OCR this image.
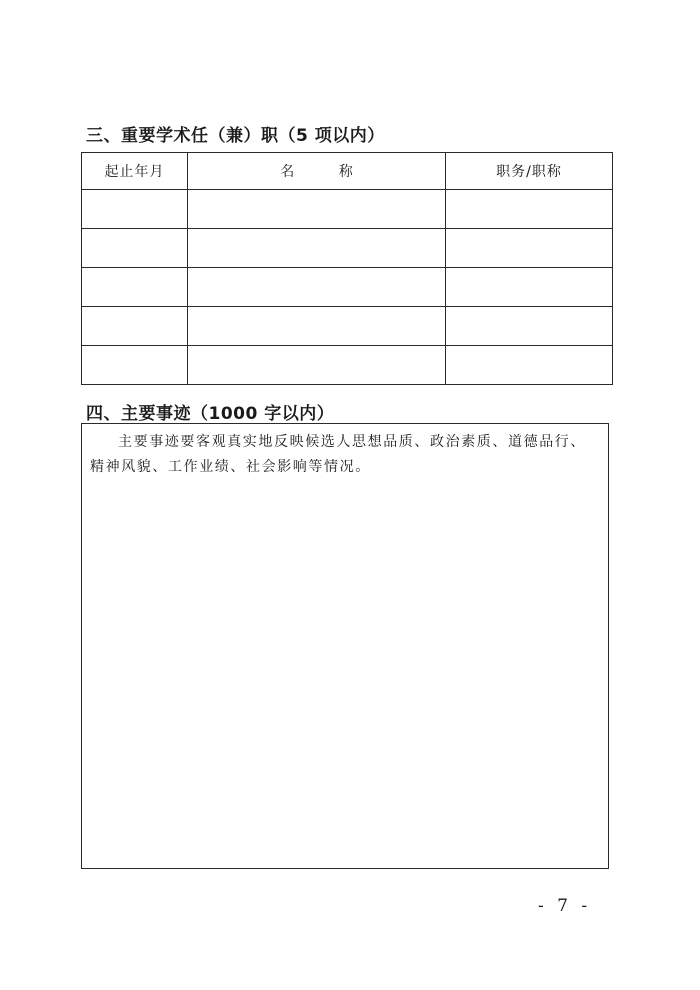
三、重要学术任（兼）职（5 项以内）
起止年月	名 称	职务/职称

四、主要事迹（1000 字以内）

主要事迹要客观真实地反映候选人思想品质、政治素质、道德品行、精神风貌、工作业绩、社会影响等情况。

- 7 -
